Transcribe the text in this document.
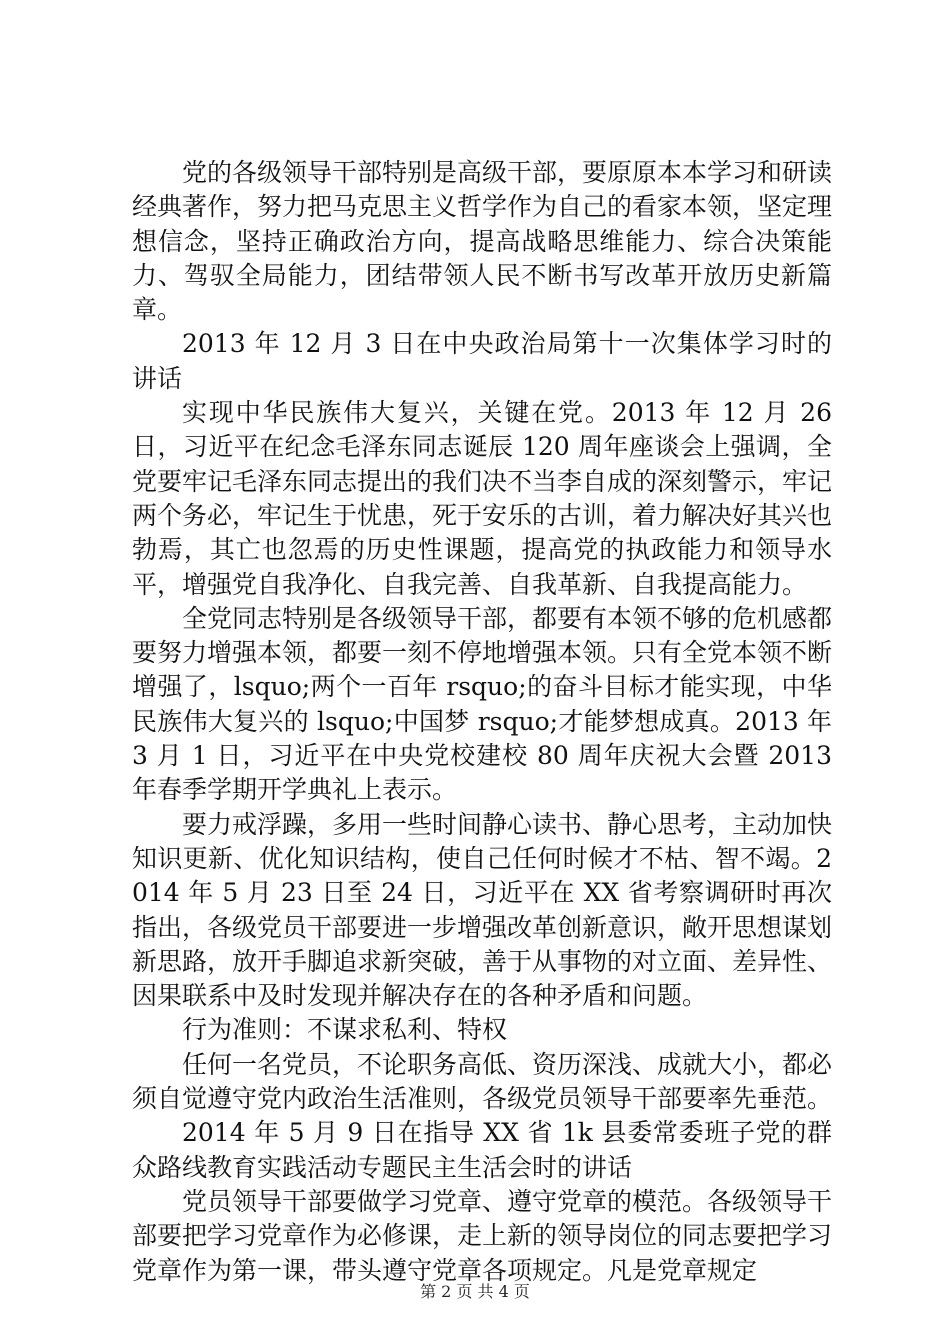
党的各级领导干部特别是高级干部，要原原本本学习和研读经典著作，努力把马克思主义哲学作为自己的看家本领，坚定理想信念，坚持正确政治方向，提高战略思维能力、综合决策能力、驾驭全局能力，团结带领人民不断书写改革开放历史新篇章。

2013 年 12 月 3 日在中央政治局第十一次集体学习时的讲话

实现中华民族伟大复兴，关键在党。2013 年 12 月 26 日，习近平在纪念毛泽东同志诞辰 120 周年座谈会上强调，全党要牢记毛泽东同志提出的我们决不当李自成的深刻警示，牢记两个务必，牢记生于忧患，死于安乐的古训，着力解决好其兴也勃焉，其亡也忽焉的历史性课题，提高党的执政能力和领导水平，增强党自我净化、自我完善、自我革新、自我提高能力。

全党同志特别是各级领导干部，都要有本领不够的危机感都要努力增强本领，都要一刻不停地增强本领。只有全党本领不断增强了，lsquo;两个一百年 rsquo;的奋斗目标才能实现，中华民族伟大复兴的 lsquo;中国梦 rsquo;才能梦想成真。2013 年 3 月 1 日，习近平在中央党校建校 80 周年庆祝大会暨 2013 年春季学期开学典礼上表示。

要力戒浮躁，多用一些时间静心读书、静心思考，主动加快知识更新、优化知识结构，使自己任何时候才不枯、智不竭。2014 年 5 月 23 日至 24 日，习近平在 XX 省考察调研时再次指出，各级党员干部要进一步增强改革创新意识，敞开思想谋划新思路，放开手脚追求新突破，善于从事物的对立面、差异性、因果联系中及时发现并解决存在的各种矛盾和问题。

行为准则：不谋求私利、特权

任何一名党员，不论职务高低、资历深浅、成就大小，都必须自觉遵守党内政治生活准则，各级党员领导干部要率先垂范。

2014 年 5 月 9 日在指导 XX 省 1k 县委常委班子党的群众路线教育实践活动专题民主生活会时的讲话

党员领导干部要做学习党章、遵守党章的模范。各级领导干部要把学习党章作为必修课，走上新的领导岗位的同志要把学习党章作为第一课，带头遵守党章各项规定。凡是党章规定

第 2 页 共 4 页
